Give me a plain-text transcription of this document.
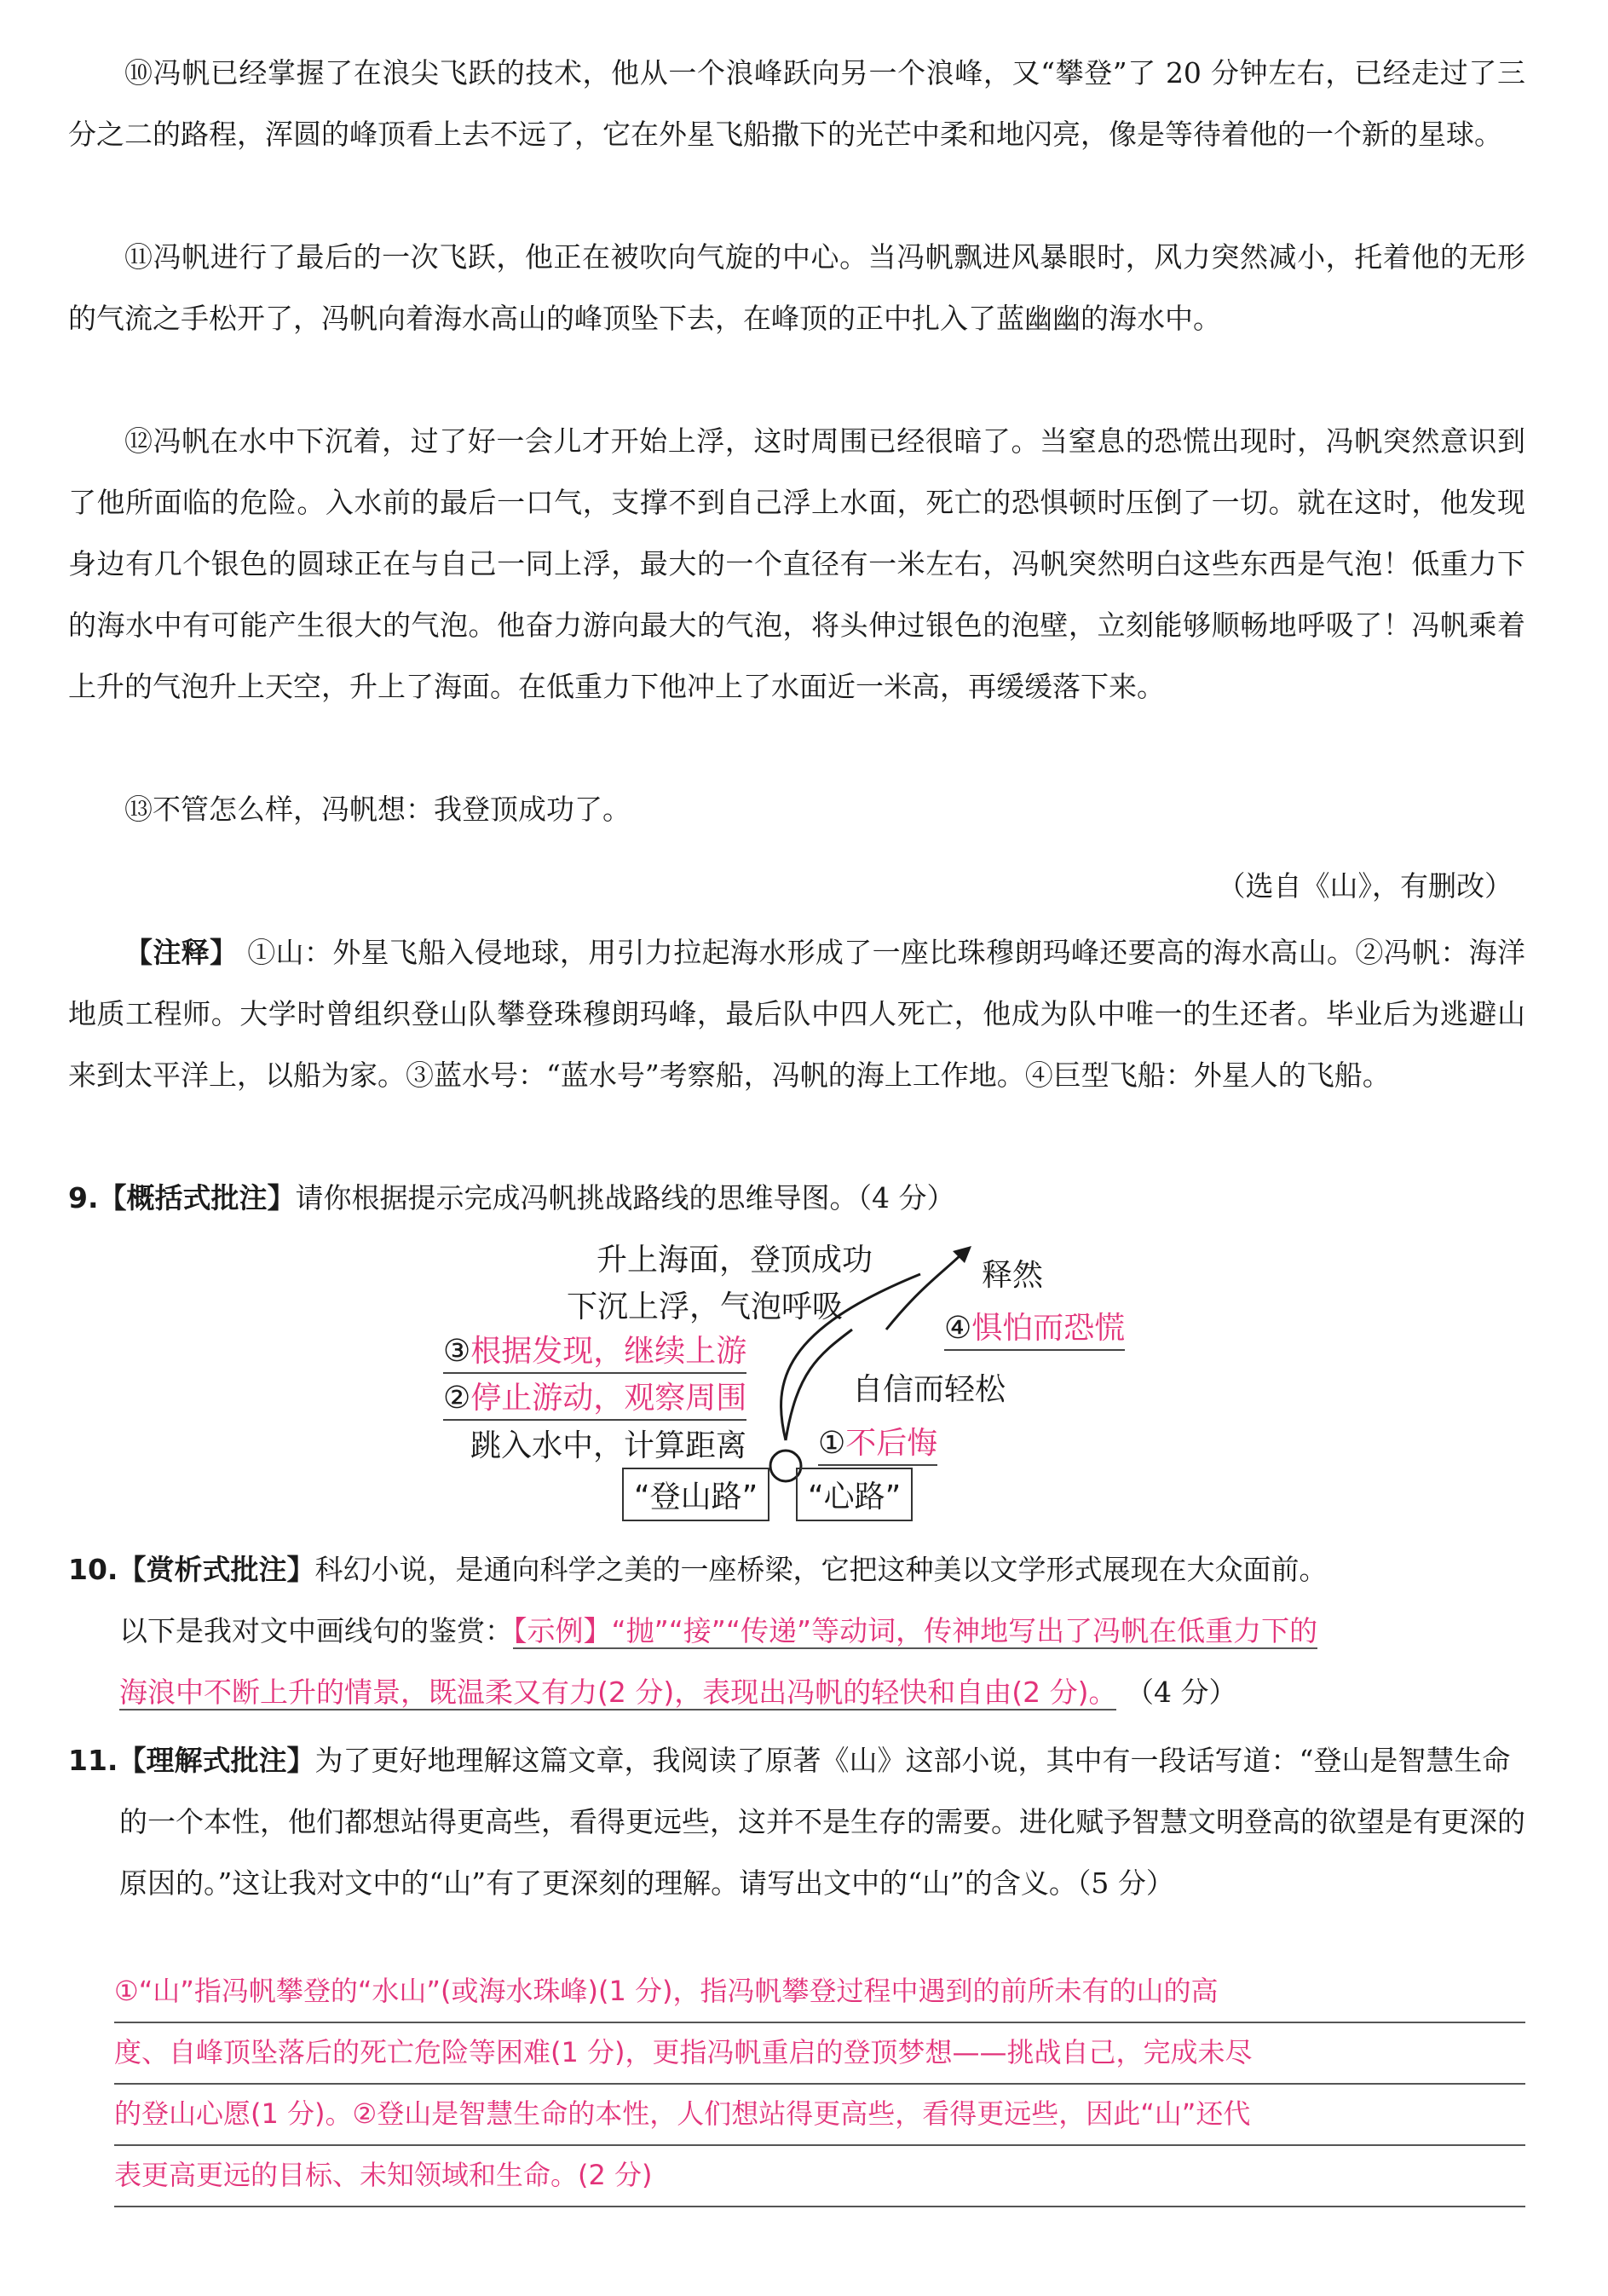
⑩冯帆已经掌握了在浪尖飞跃的技术，他从一个浪峰跃向另一个浪峰，又“攀登”了 20 分钟左右，已经走过了三分之二的路程，浑圆的峰顶看上去不远了，它在外星飞船撒下的光芒中柔和地闪亮，像是等待着他的一个新的星球。

⑪冯帆进行了最后的一次飞跃，他正在被吹向气旋的中心。当冯帆飘进风暴眼时，风力突然减小，托着他的无形的气流之手松开了，冯帆向着海水高山的峰顶坠下去，在峰顶的正中扎入了蓝幽幽的海水中。

⑫冯帆在水中下沉着，过了好一会儿才开始上浮，这时周围已经很暗了。当窒息的恐慌出现时，冯帆突然意识到了他所面临的危险。入水前的最后一口气，支撑不到自己浮上水面，死亡的恐惧顿时压倒了一切。就在这时，他发现身边有几个银色的圆球正在与自己一同上浮，最大的一个直径有一米左右，冯帆突然明白这些东西是气泡！低重力下的海水中有可能产生很大的气泡。他奋力游向最大的气泡，将头伸过银色的泡壁，立刻能够顺畅地呼吸了！冯帆乘着上升的气泡升上天空，升上了海面。在低重力下他冲上了水面近一米高，再缓缓落下来。

⑬不管怎么样，冯帆想：我登顶成功了。

（选自《山》，有删改）

【注释】 ①山：外星飞船入侵地球，用引力拉起海水形成了一座比珠穆朗玛峰还要高的海水高山。②冯帆：海洋地质工程师。大学时曾组织登山队攀登珠穆朗玛峰，最后队中四人死亡，他成为队中唯一的生还者。毕业后为逃避山来到太平洋上，以船为家。③蓝水号：“蓝水号”考察船，冯帆的海上工作地。④巨型飞船：外星人的飞船。

9.【概括式批注】请你根据提示完成冯帆挑战路线的思维导图。（4 分）

升上海面，登顶成功
下沉上浮，气泡呼吸
③根据发现，继续上游
②停止游动，观察周围
跳入水中，计算距离
释然
④惧怕而恐慌
自信而轻松
①不后悔
“登山路”	“心路”

10.【赏析式批注】科幻小说，是通向科学之美的一座桥梁，它把这种美以文学形式展现在大众面前。

以下是我对文中画线句的鉴赏：【示例】“抛”“接”“传递”等动词，传神地写出了冯帆在低重力下的

海浪中不断上升的情景，既温柔又有力(2 分)，表现出冯帆的轻快和自由(2 分)。 （4 分）

11.【理解式批注】为了更好地理解这篇文章，我阅读了原著《山》这部小说，其中有一段话写道：“登山是智慧生命的一个本性，他们都想站得更高些，看得更远些，这并不是生存的需要。进化赋予智慧文明登高的欲望是有更深的原因的。”这让我对文中的“山”有了更深刻的理解。请写出文中的“山”的含义。（5 分）

①“山”指冯帆攀登的“水山”(或海水珠峰)(1 分)，指冯帆攀登过程中遇到的前所未有的山的高

度、自峰顶坠落后的死亡危险等困难(1 分)，更指冯帆重启的登顶梦想——挑战自己，完成未尽

的登山心愿(1 分)。②登山是智慧生命的本性，人们想站得更高些，看得更远些，因此“山”还代

表更高更远的目标、未知领域和生命。(2 分)
